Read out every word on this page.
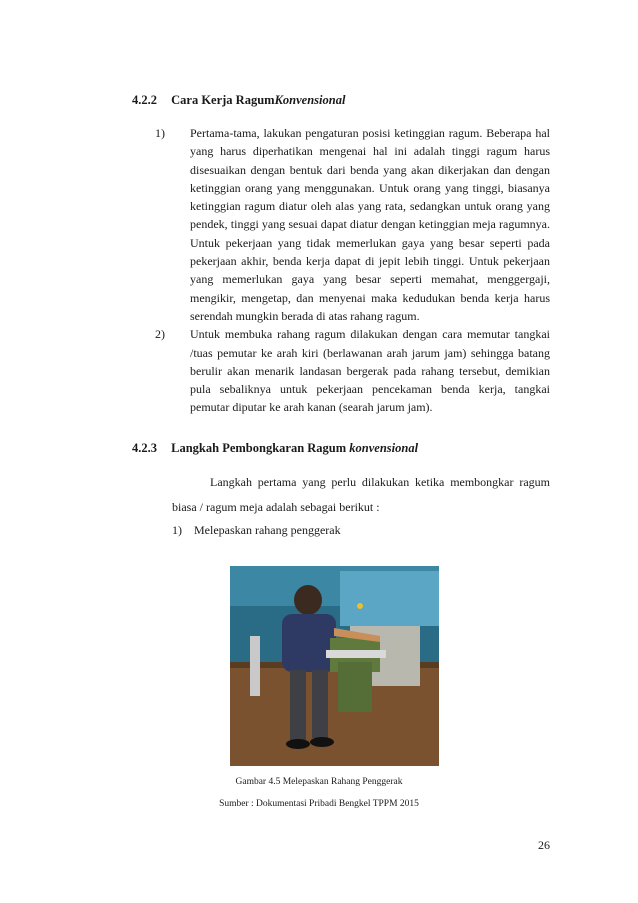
4.2.2 Cara Kerja RagumKonvensional
1) Pertama-tama, lakukan pengaturan posisi ketinggian ragum. Beberapa hal yang harus diperhatikan mengenai hal ini adalah tinggi ragum harus disesuaikan dengan bentuk dari benda yang akan dikerjakan dan dengan ketinggian orang yang menggunakan. Untuk orang yang tinggi, biasanya ketinggian ragum diatur oleh alas yang rata, sedangkan untuk orang yang pendek, tinggi yang sesuai dapat diatur dengan ketinggian meja ragumnya. Untuk pekerjaan yang tidak memerlukan gaya yang besar seperti pada pekerjaan akhir, benda kerja dapat di jepit lebih tinggi. Untuk pekerjaan yang memerlukan gaya yang besar seperti memahat, menggergaji, mengikir, mengetap, dan menyenai maka kedudukan benda kerja harus serendah mungkin berada di atas rahang ragum.
2) Untuk membuka rahang ragum dilakukan dengan cara memutar tangkai /tuas pemutar ke arah kiri (berlawanan arah jarum jam) sehingga batang berulir akan menarik landasan bergerak pada rahang tersebut, demikian pula sebaliknya untuk pekerjaan pencekaman benda kerja, tangkai pemutar diputar ke arah kanan (searah jarum jam).
4.2.3 Langkah Pembongkaran Ragum konvensional
Langkah pertama yang perlu dilakukan ketika membongkar ragum biasa / ragum meja adalah sebagai berikut :
1) Melepaskan rahang penggerak
Gambar 4.5 Melepaskan Rahang Penggerak
Sumber : Dokumentasi Pribadi Bengkel TPPM 2015
26
